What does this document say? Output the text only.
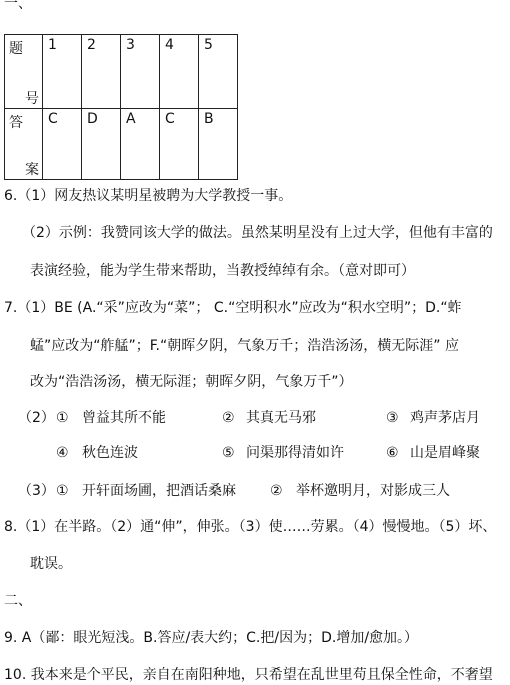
一、
题
号	1	2	3	4	5

答
案	C	D	A	C	B
6.（1）网友热议某明星被聘为大学教授一事。
（2）示例：我赞同该大学的做法。虽然某明星没有上过大学，但他有丰富的
表演经验，能为学生带来帮助，当教授绰绰有余。（意对即可）
7.（1）BE (A.“采”应改为“菜”； C.“空明积水”应改为“积水空明”；D.“蚱
蜢”应改为“舴艋”；F.“朝晖夕阴，气象万千；浩浩汤汤，横无际涯” 应
改为“浩浩汤汤，横无际涯；朝晖夕阴，气象万千”）
（2） ① 曾益其所不能	② 其真无马邪	③ 鸡声茅店月
④ 秋色连波	⑤ 问渠那得清如许	⑥ 山是眉峰聚
（3） ① 开轩面场圃，把酒话桑麻 ② 举杯邀明月，对影成三人
8.（1）在半路。（2）通“伸”，伸张。（3）使……劳累。（4）慢慢地。（5）坏、
耽误。
二、
9. A（鄙：眼光短浅。B.答应/表大约；C.把/因为；D.增加/愈加。）
10. 我本来是个平民，亲自在南阳种地，只希望在乱世里苟且保全性命，不奢望
